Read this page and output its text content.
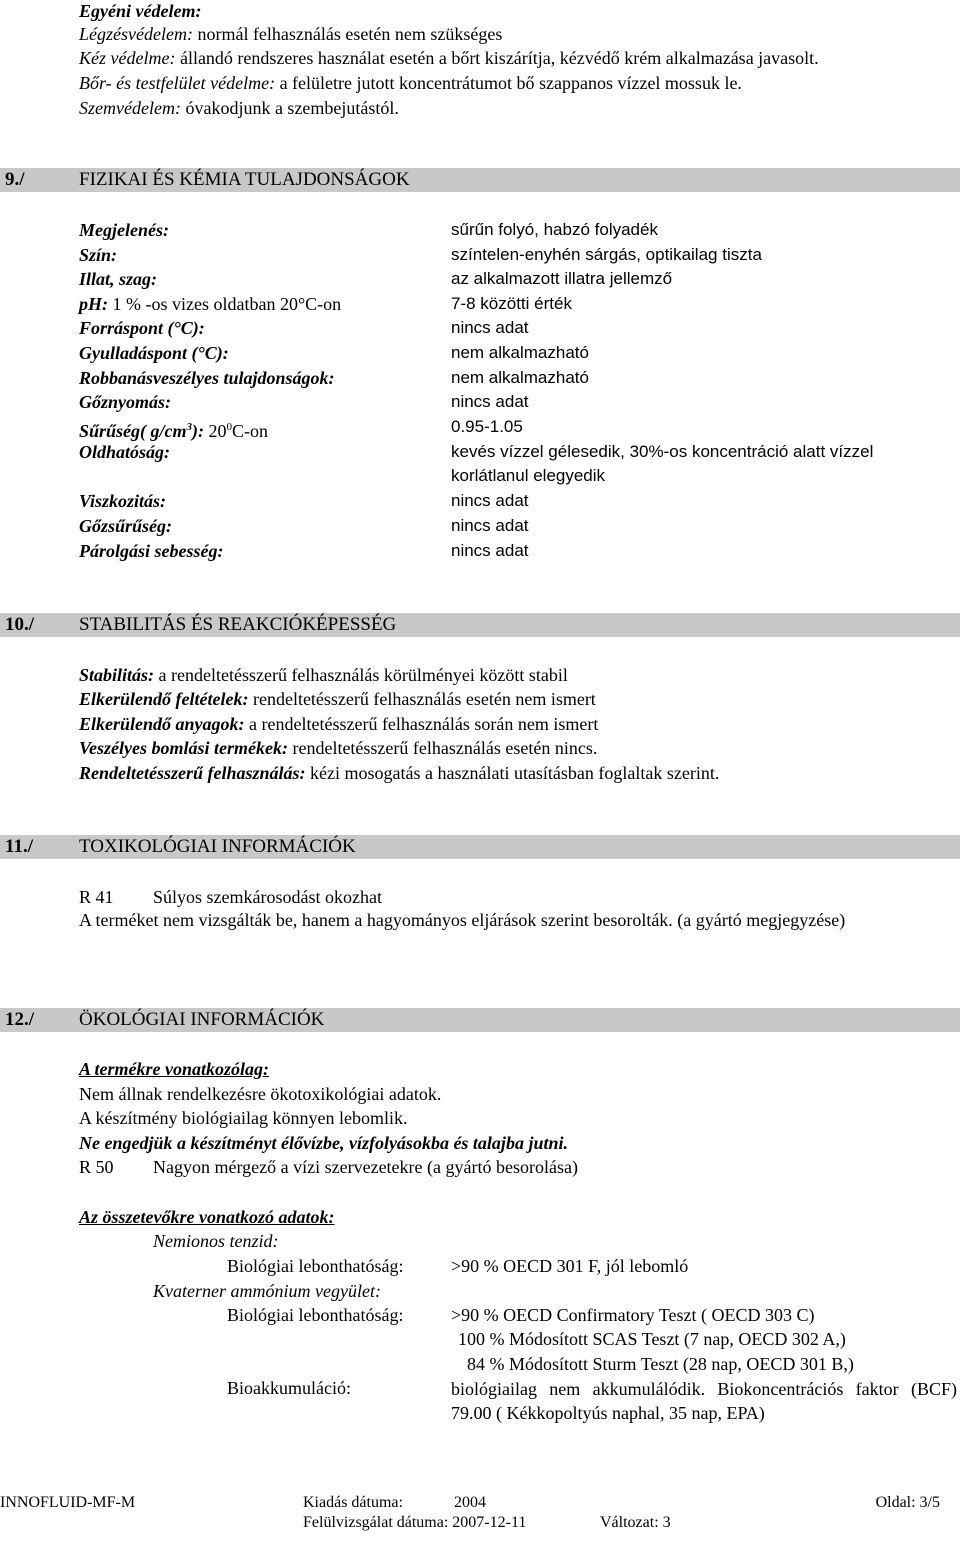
Egyéni védelem:
Légzésvédelem: normál felhasználás esetén nem szükséges
Kéz védelme: állandó rendszeres használat esetén a bőrt kiszárítja, kézvédő krém alkalmazása javasolt.
Bőr- és testfelület védelme: a felületre jutott koncentrátumot bő szappanos vízzel mossuk le.
Szemvédelem: óvakodjunk a szembejutástól.
9./	FIZIKAI ÉS KÉMIA TULAJDONSÁGOK
Megjelenés:	sűrűn folyó, habzó folyadék
Szín:	színtelen-enyhén sárgás, optikailag tiszta
Illat, szag:	az alkalmazott illatra jellemző
pH: 1 % -os vizes oldatban 20°C-on	7-8 közötti érték
Forráspont (°C):	nincs adat
Gyulladáspont (°C):	nem alkalmazható
Robbanásveszélyes tulajdonságok:	nem alkalmazható
Gőznyomás:	nincs adat
Sűrűség( $g/cm^3$): $20^0C-on$	0.95-1.05
Oldhatóság:	kevés vízzel gélesedik, 30%-os koncentráció alatt vízzel
korlátlanul elegyedik
Viszkozitás:	nincs adat
Gőzsűrűség:	nincs adat
Párolgási sebesség:	nincs adat
10./ STABILITÁS ÉS REAKCIÓKÉPESSÉG
Stabilitás: a rendeltetésszerű felhasználás körülményei között stabil
Elkerülendő feltételek: rendeltetésszerű felhasználás esetén nem ismert
Elkerülendő anyagok: a rendeltetésszerű felhasználás során nem ismert
Veszélyes bomlási termékek: rendeltetésszerű felhasználás esetén nincs.
Rendeltetésszerű felhasználás: kézi mosogatás a használati utasításban foglaltak szerint.
11./ TOXIKOLÓGIAI INFORMÁCIÓK
R 41 Súlyos szemkárosodást okozhat
A terméket nem vizsgálták be, hanem a hagyományos eljárások szerint besorolták. (a gyártó megjegyzése)
12./ ÖKOLÓGIAI INFORMÁCIÓK
A termékre vonatkozólag:
Nem állnak rendelkezésre ökotoxikológiai adatok.
A készítmény biológiailag könnyen lebomlik.
Ne engedjük a készítményt élővízbe, vízfolyásokba és talajba jutni.
R 50 Nagyon mérgező a vízi szervezetekre (a gyártó besorolása)
Az összetevőkre vonatkozó adatok:
Nemionos tenzid:
Biológiai lebonthatóság:	>90 % OECD 301 F, jól lebomló
Kvaterner ammónium vegyület:
Biológiai lebonthatóság:	>90 % OECD Confirmatory Teszt ( OECD 303 C)
100 % Módosított SCAS Teszt (7 nap, OECD 302 A,)
84 % Módosított Sturm Teszt (28 nap, OECD 301 B,)
Bioakkumuláció:	biológiailag nem akkumulálódik. Biokoncentrációs faktor (BCF) 79.00 ( Kékkopoltyús naphal, 35 nap, EPA)
INNOFLUID-MF-M	Kiadás dátuma:	2004	Oldal: 3/5
Felülvizsgálat dátuma: 2007-12-11	Változat: 3
